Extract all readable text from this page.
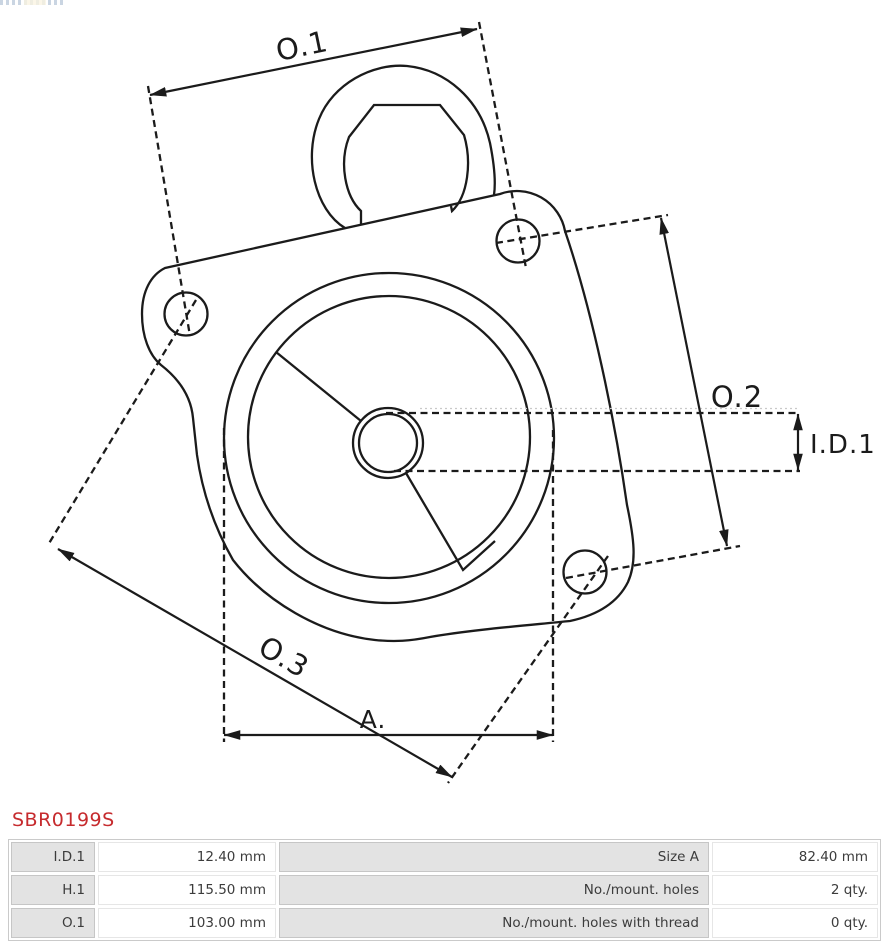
O.1
O.2
I.D.1
O.3
A.
SBR0199S
I.D.1	12.40 mm	Size A	82.40 mm
H.1	115.50 mm	No./mount. holes	2 qty.
O.1	103.00 mm	No./mount. holes with thread	0 qty.
